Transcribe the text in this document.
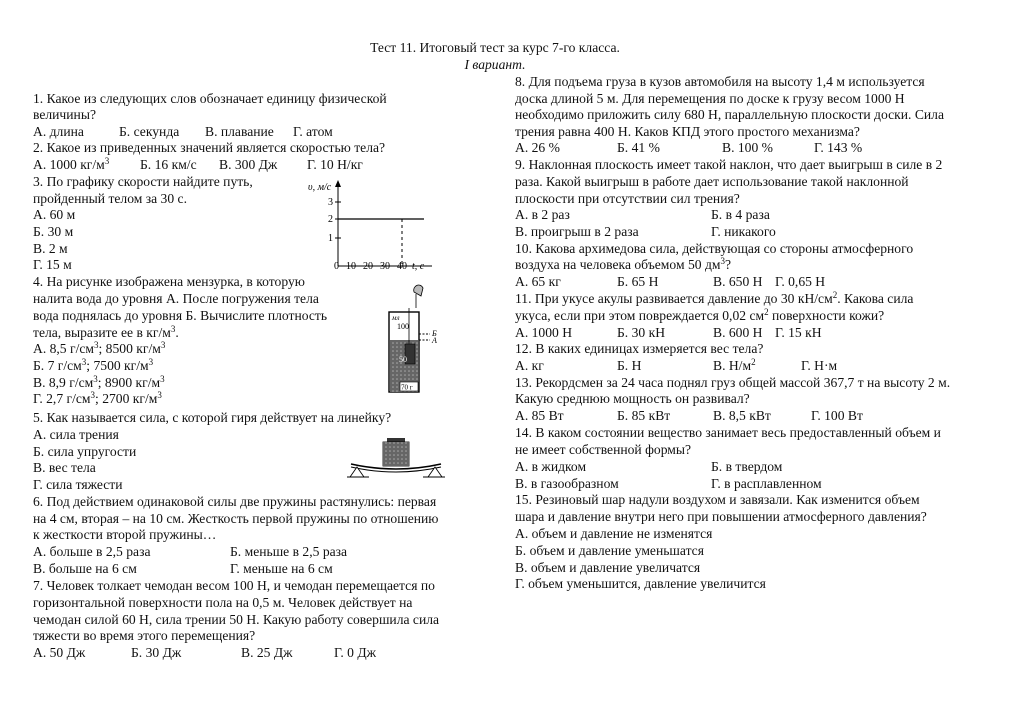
Тест 11. Итоговый тест за курс 7-го класса.
I вариант.
1. Какое из следующих слов обозначает единицу физической
величины?
А. длина	Б. секунда В. плавание Г. атом
2. Какое из приведенных значений является скоростью тела?
А. 1000 $кг/м^3$ Б. 16 км/с В. 300 Дж Г. 10 Н/кг
3. По графику скорости найдите путь,
пройденный телом за 30 с.
А. 60 м
Б. 30 м
В. 2 м
Г. 15 м
υ, м/с
3
2
1
0 10 20 30 40 t, с
4. На рисунке изображена мензурка, в которую
налита вода до уровня А. После погружения тела
вода поднялась до уровня Б. Вычислите плотность
тела, выразите ее в $кг/м^3$.
А. 8,5 $г/см^3$; 8500 $кг/м^3$
Б. 7 $г/см^3$; 7500 $кг/м^3$
В. 8,9 $г/см^3$; 8900 $кг/м^3$
Г. 2,7 $г/см^3$; 2700 $кг/м^3$
мл
100
50
Б
А
70 г
5. Как называется сила, с которой гиря действует на линейку?
А. сила трения
Б. сила упругости
В. вес тела
Г. сила тяжести
6. Под действием одинаковой силы две пружины растянулись: первая
на 4 см, вторая – на 10 см. Жесткость первой пружины по отношению
к жесткости второй пружины…
А. больше в 2,5 раза	Б. меньше в 2,5 раза
В. больше на 6 см	Г. меньше на 6 см
7. Человек толкает чемодан весом 100 Н, и чемодан перемещается по
горизонтальной поверхности пола на 0,5 м. Человек действует на
чемодан силой 60 Н, сила трении 50 Н. Какую работу совершила сила
тяжести во время этого перемещения?
А. 50 Дж	Б. 30 Дж	В. 25 Дж	Г. 0 Дж
8. Для подъема груза в кузов автомобиля на высоту 1,4 м используется
доска длиной 5 м. Для перемещения по доске к грузу весом 1000 Н
необходимо приложить силу 680 Н, параллельную плоскости доски. Сила
трения равна 400 Н. Каков КПД этого простого механизма?
А. 26 %	Б. 41 %	В. 100 %	Г. 143 %
9. Наклонная плоскость имеет такой наклон, что дает выигрыш в силе в 2
раза. Какой выигрыш в работе дает использование такой наклонной
плоскости при отсутствии сил трения?
А. в 2 раз	Б. в 4 раза
В. проигрыш в 2 раза	Г. никакого
10. Какова архимедова сила, действующая со стороны атмосферного
воздуха на человека объемом 50 $дм^3$?
А. 65 кг	Б. 65 Н	В. 650 Н Г. 0,65 Н
11. При укусе акулы развивается давление до 30 $кН/см^2$. Какова сила
укуса, если при этом повреждается 0,02 $см^2$ поверхности кожи?
А. 1000 Н	Б. 30 кН	В. 600 Н Г. 15 кН
12. В каких единицах измеряется вес тела?
А. кг	Б. Н	В. $Н/м^2$	Г. Н·м
13. Рекордсмен за 24 часа поднял груз общей массой 367,7 т на высоту 2 м.
Какую среднюю мощность он развивал?
А. 85 Вт	Б. 85 кВт	В. 8,5 кВт	Г. 100 Вт
14. В каком состоянии вещество занимает весь предоставленный объем и
не имеет собственной формы?
А. в жидком	Б. в твердом
В. в газообразном	Г. в расплавленном
15. Резиновый шар надули воздухом и завязали. Как изменится объем
шара и давление внутри него при повышении атмосферного давления?
А. объем и давление не изменятся
Б. объем и давление уменьшатся
В. объем и давление увеличатся
Г. объем уменьшится, давление увеличится
